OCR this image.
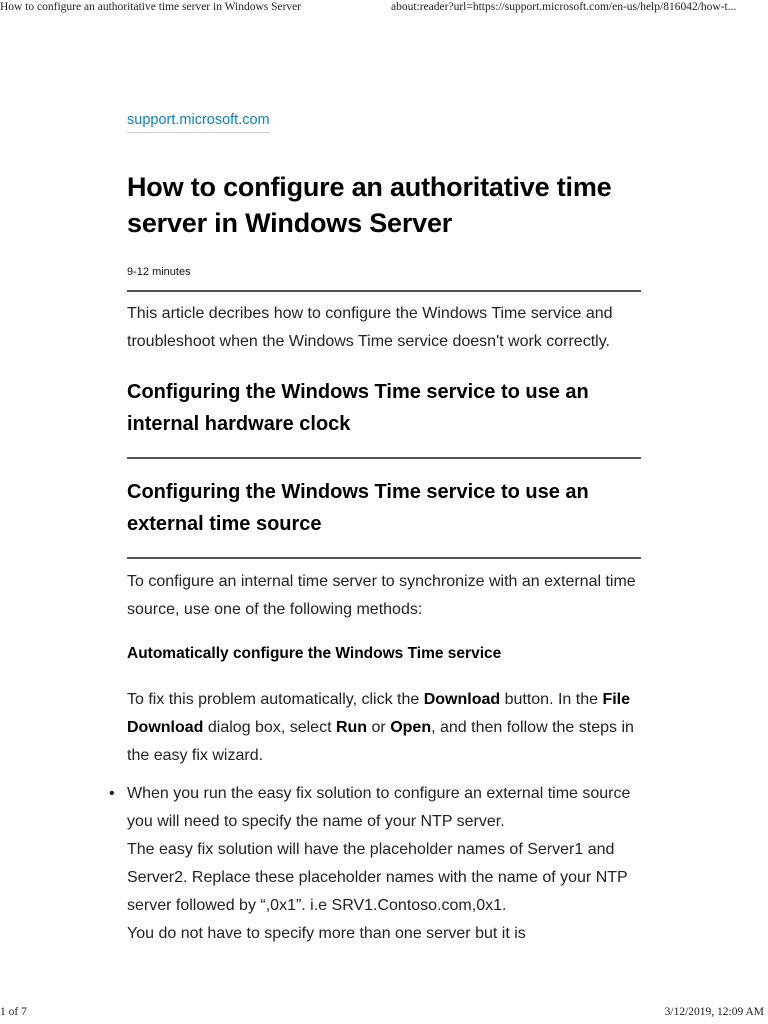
How to configure an authoritative time server in Windows Server	about:reader?url=https://support.microsoft.com/en-us/help/816042/how-t...
support.microsoft.com
How to configure an authoritative time server in Windows Server
9-12 minutes

This article decribes how to configure the Windows Time service and troubleshoot when the Windows Time service doesn't work correctly.

Configuring the Windows Time service to use an internal hardware clock
Configuring the Windows Time service to use an external time source

To configure an internal time server to synchronize with an external time source, use one of the following methods:

Automatically configure the Windows Time service

To fix this problem automatically, click the Download button. In the File Download dialog box, select Run or Open, and then follow the steps in the easy fix wizard.

• When you run the easy fix solution to configure an external time source you will need to specify the name of your NTP server.
The easy fix solution will have the placeholder names of Server1 and Server2. Replace these placeholder names with the name of your NTP server followed by “,0x1”. i.e SRV1.Contoso.com,0x1.
You do not have to specify more than one server but it is
1 of 7	3/12/2019, 12:09 AM
